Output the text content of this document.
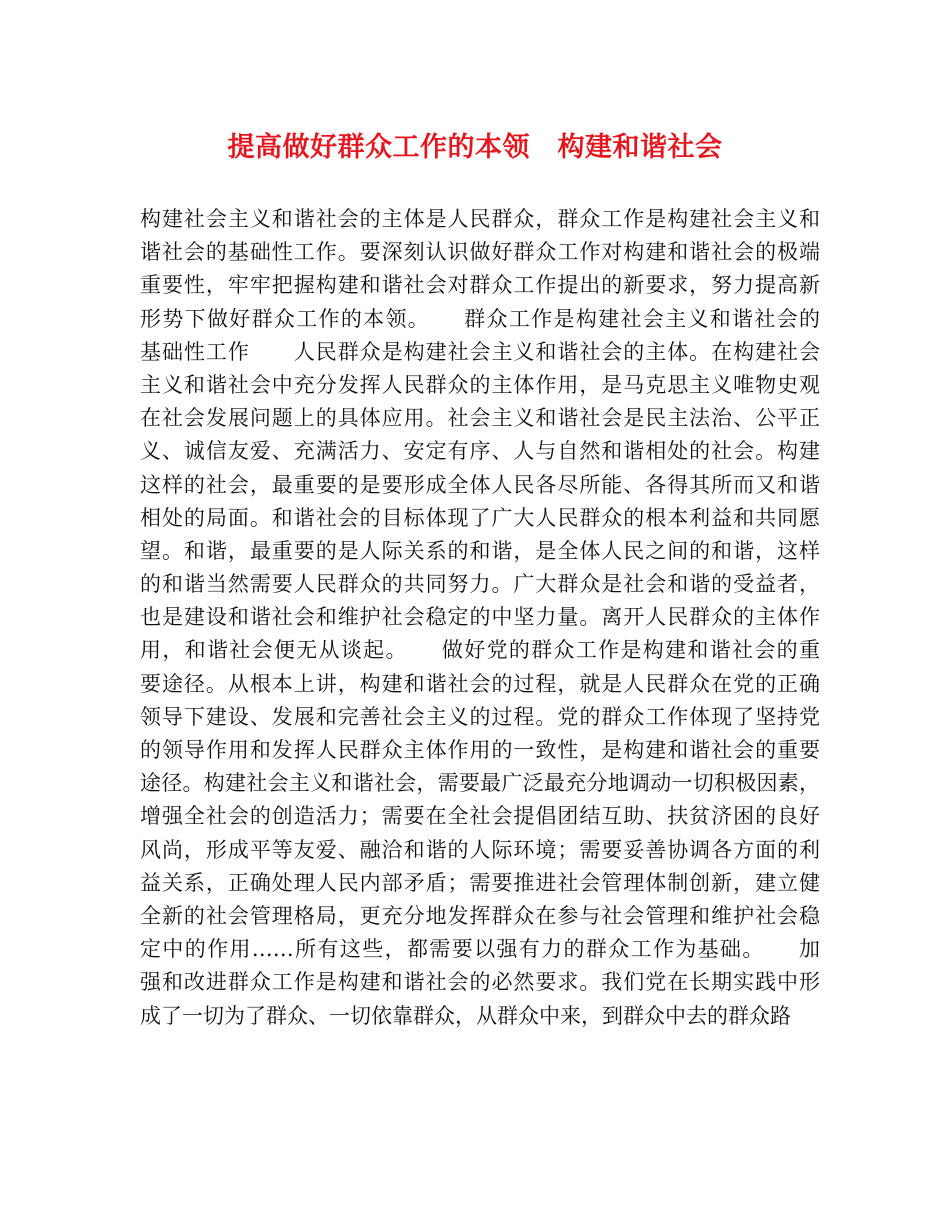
提高做好群众工作的本领　构建和谐社会
构建社会主义和谐社会的主体是人民群众，群众工作是构建社会主义和
谐社会的基础性工作。要深刻认识做好群众工作对构建和谐社会的极端
重要性，牢牢把握构建和谐社会对群众工作提出的新要求，努力提高新
形势下做好群众工作的本领。　　群众工作是构建社会主义和谐社会的
基础性工作　　人民群众是构建社会主义和谐社会的主体。在构建社会
主义和谐社会中充分发挥人民群众的主体作用，是马克思主义唯物史观
在社会发展问题上的具体应用。社会主义和谐社会是民主法治、公平正
义、诚信友爱、充满活力、安定有序、人与自然和谐相处的社会。构建
这样的社会，最重要的是要形成全体人民各尽所能、各得其所而又和谐
相处的局面。和谐社会的目标体现了广大人民群众的根本利益和共同愿
望。和谐，最重要的是人际关系的和谐，是全体人民之间的和谐，这样
的和谐当然需要人民群众的共同努力。广大群众是社会和谐的受益者，
也是建设和谐社会和维护社会稳定的中坚力量。离开人民群众的主体作
用，和谐社会便无从谈起。　　做好党的群众工作是构建和谐社会的重
要途径。从根本上讲，构建和谐社会的过程，就是人民群众在党的正确
领导下建设、发展和完善社会主义的过程。党的群众工作体现了坚持党
的领导作用和发挥人民群众主体作用的一致性，是构建和谐社会的重要
途径。构建社会主义和谐社会，需要最广泛最充分地调动一切积极因素，
增强全社会的创造活力；需要在全社会提倡团结互助、扶贫济困的良好
风尚，形成平等友爱、融洽和谐的人际环境；需要妥善协调各方面的利
益关系，正确处理人民内部矛盾；需要推进社会管理体制创新，建立健
全新的社会管理格局，更充分地发挥群众在参与社会管理和维护社会稳
定中的作用……所有这些，都需要以强有力的群众工作为基础。　　加
强和改进群众工作是构建和谐社会的必然要求。我们党在长期实践中形
成了一切为了群众、一切依靠群众，从群众中来，到群众中去的群众路
